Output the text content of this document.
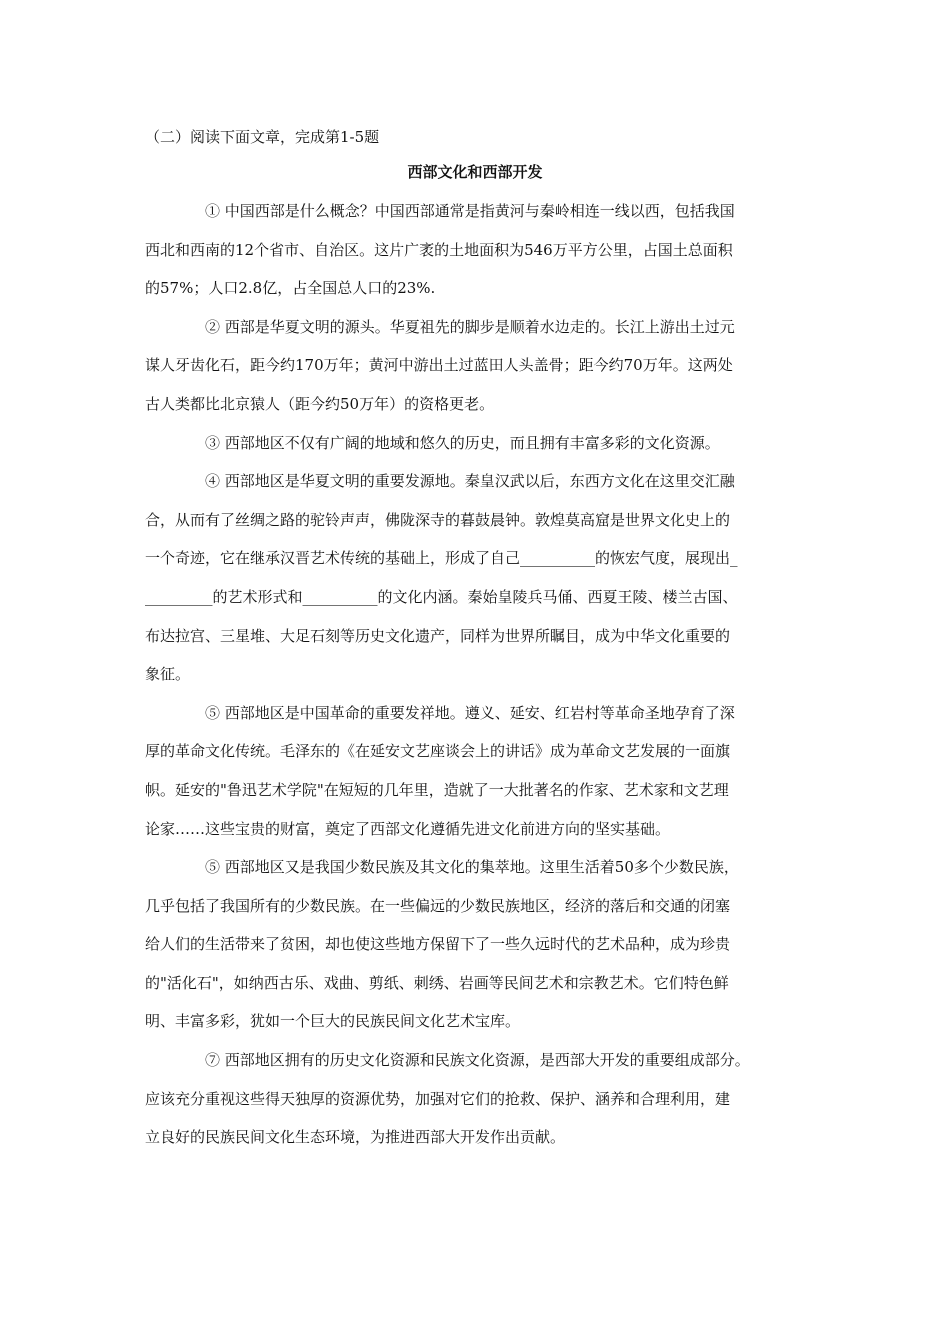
（二）阅读下面文章，完成第1-5题
西部文化和西部开发
① 中国西部是什么概念？中国西部通常是指黄河与秦岭相连一线以西，包括我国
西北和西南的12个省市、自治区。这片广袤的土地面积为546万平方公里，占国土总面积
的57%；人口2.8亿，占全国总人口的23%.
② 西部是华夏文明的源头。华夏祖先的脚步是顺着水边走的。长江上游出土过元
谋人牙齿化石，距今约170万年；黄河中游出土过蓝田人头盖骨；距今约70万年。这两处
古人类都比北京猿人（距今约50万年）的资格更老。
③ 西部地区不仅有广阔的地域和悠久的历史，而且拥有丰富多彩的文化资源。
④ 西部地区是华夏文明的重要发源地。秦皇汉武以后，东西方文化在这里交汇融
合，从而有了丝绸之路的驼铃声声，佛陇深寺的暮鼓晨钟。敦煌莫高窟是世界文化史上的
一个奇迹，它在继承汉晋艺术传统的基础上，形成了自己__________的恢宏气度，展现出_
_________的艺术形式和__________的文化内涵。秦始皇陵兵马俑、西夏王陵、楼兰古国、
布达拉宫、三星堆、大足石刻等历史文化遗产，同样为世界所瞩目，成为中华文化重要的
象征。
⑤ 西部地区是中国革命的重要发祥地。遵义、延安、红岩村等革命圣地孕育了深
厚的革命文化传统。毛泽东的《在延安文艺座谈会上的讲话》成为革命文艺发展的一面旗
帜。延安的"鲁迅艺术学院"在短短的几年里，造就了一大批著名的作家、艺术家和文艺理
论家……这些宝贵的财富，奠定了西部文化遵循先进文化前进方向的坚实基础。
⑤ 西部地区又是我国少数民族及其文化的集萃地。这里生活着50多个少数民族，
几乎包括了我国所有的少数民族。在一些偏远的少数民族地区，经济的落后和交通的闭塞
给人们的生活带来了贫困，却也使这些地方保留下了一些久远时代的艺术品种，成为珍贵
的"活化石"，如纳西古乐、戏曲、剪纸、刺绣、岩画等民间艺术和宗教艺术。它们特色鲜
明、丰富多彩，犹如一个巨大的民族民间文化艺术宝库。
⑦ 西部地区拥有的历史文化资源和民族文化资源，是西部大开发的重要组成部分。
应该充分重视这些得天独厚的资源优势，加强对它们的抢救、保护、涵养和合理利用，建
立良好的民族民间文化生态环境，为推进西部大开发作出贡献。
